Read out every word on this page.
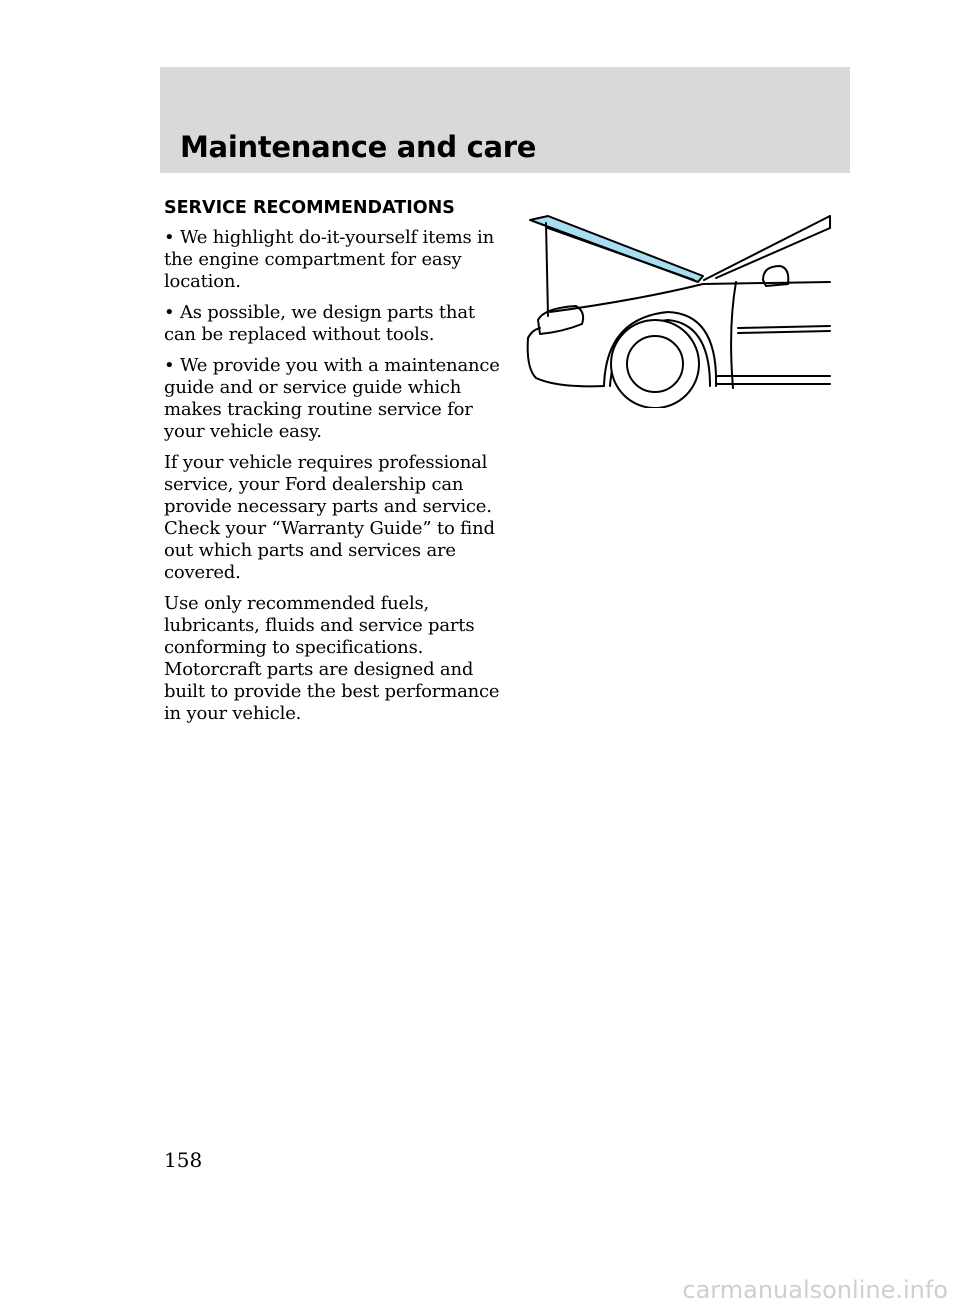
Maintenance and care
SERVICE RECOMMENDATIONS

• We highlight do-it-yourself items in the engine compartment for easy location.

• As possible, we design parts that can be replaced without tools.

• We provide you with a maintenance guide and or service guide which makes tracking routine service for your vehicle easy.

If your vehicle requires professional service, your Ford dealership can provide necessary parts and service. Check your “Warranty Guide” to find out which parts and services are covered.

Use only recommended fuels, lubricants, fluids and service parts conforming to specifications. Motorcraft parts are designed and built to provide the best performance in your vehicle.

158

carmanualsonline.info
